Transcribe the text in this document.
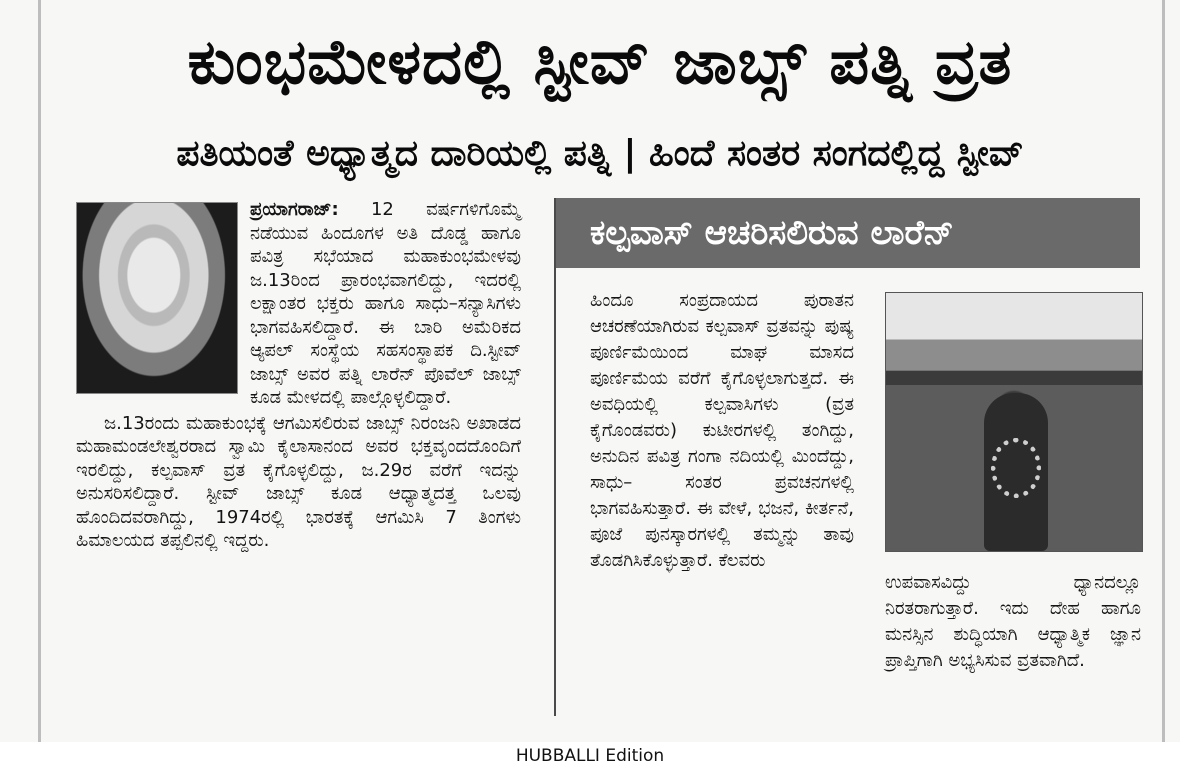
ಕುಂಭಮೇಳದಲ್ಲಿ ಸ್ಟೀವ್ ಜಾಬ್ಸ್ ಪತ್ನಿ ವ್ರತ
ಪತಿಯಂತೆ ಅಧ್ಯಾತ್ಮದ ದಾರಿಯಲ್ಲಿ ಪತ್ನಿ | ಹಿಂದೆ ಸಂತರ ಸಂಗದಲ್ಲಿದ್ದ ಸ್ಟೀವ್

ಪ್ರಯಾಗರಾಜ್: 12 ವರ್ಷಗಳಿಗೊಮ್ಮೆ ನಡೆಯುವ ಹಿಂದೂಗಳ ಅತಿ ದೊಡ್ಡ ಹಾಗೂ ಪವಿತ್ರ ಸಭೆಯಾದ ಮಹಾಕುಂಭಮೇಳವು ಜ.13ರಿಂದ ಪ್ರಾರಂಭವಾಗಲಿದ್ದು, ಇದರಲ್ಲಿ ಲಕ್ಷಾಂತರ ಭಕ್ತರು ಹಾಗೂ ಸಾಧು–ಸನ್ಯಾಸಿಗಳು ಭಾಗವಹಿಸಲಿದ್ದಾರೆ. ಈ ಬಾರಿ ಅಮೆರಿಕದ ಆ್ಯಪಲ್ ಸಂಸ್ಥೆಯ ಸಹಸಂಸ್ಥಾಪಕ ದಿ.ಸ್ಟೀವ್ ಜಾಬ್ಸ್ ಅವರ ಪತ್ನಿ ಲಾರೆನ್ ಪೊವೆಲ್ ಜಾಬ್ಸ್ ಕೂಡ ಮೇಳದಲ್ಲಿ ಪಾಲ್ಗೊಳ್ಳಲಿದ್ದಾರೆ.

ಜ.13ರಂದು ಮಹಾಕುಂಭಕ್ಕೆ ಆಗಮಿಸಲಿರುವ ಜಾಬ್ಸ್ ನಿರಂಜನಿ ಅಖಾಡದ ಮಹಾಮಂಡಲೇಶ್ವರರಾದ ಸ್ವಾಮಿ ಕೈಲಾಸಾನಂದ ಅವರ ಭಕ್ತವೃಂದದೊಂದಿಗೆ ಇರಲಿದ್ದು, ಕಲ್ಪವಾಸ್ ವ್ರತ ಕೈಗೊಳ್ಳಲಿದ್ದು, ಜ.29ರ ವರೆಗೆ ಇದನ್ನು ಅನುಸರಿಸಲಿದ್ದಾರೆ. ಸ್ಟೀವ್ ಜಾಬ್ಸ್ ಕೂಡ ಆಧ್ಯಾತ್ಮದತ್ತ ಒಲವು ಹೊಂದಿದವರಾಗಿದ್ದು, 1974ರಲ್ಲಿ ಭಾರತಕ್ಕೆ ಆಗಮಿಸಿ 7 ತಿಂಗಳು ಹಿಮಾಲಯದ ತಪ್ಪಲಿನಲ್ಲಿ ಇದ್ದರು.

ಕಲ್ಪವಾಸ್ ಆಚರಿಸಲಿರುವ ಲಾರೆನ್

ಹಿಂದೂ ಸಂಪ್ರದಾಯದ ಪುರಾತನ ಆಚರಣೆಯಾಗಿರುವ ಕಲ್ಪವಾಸ್ ವ್ರತವನ್ನು ಪುಷ್ಯ ಪೂರ್ಣಿಮೆಯಿಂದ ಮಾಘ ಮಾಸದ ಪೂರ್ಣಿಮೆಯ ವರೆಗೆ ಕೈಗೊಳ್ಳಲಾಗುತ್ತದೆ. ಈ ಅವಧಿಯಲ್ಲಿ ಕಲ್ಪವಾಸಿಗಳು (ವ್ರತ ಕೈಗೊಂಡವರು) ಕುಟೀರಗಳಲ್ಲಿ ತಂಗಿದ್ದು, ಅನುದಿನ ಪವಿತ್ರ ಗಂಗಾ ನದಿಯಲ್ಲಿ ಮಿಂದೆದ್ದು, ಸಾಧು– ಸಂತರ ಪ್ರವಚನಗಳಲ್ಲಿ ಭಾಗವಹಿಸುತ್ತಾರೆ. ಈ ವೇಳೆ, ಭಜನೆ, ಕೀರ್ತನೆ, ಪೂಜೆ ಪುನಸ್ಕಾರಗಳಲ್ಲಿ ತಮ್ಮನ್ನು ತಾವು ತೊಡಗಿಸಿಕೊಳ್ಳುತ್ತಾರೆ. ಕೆಲವರು

ಉಪವಾಸವಿದ್ದು ಧ್ಯಾನದಲ್ಲೂ ನಿರತರಾಗುತ್ತಾರೆ. ಇದು ದೇಹ ಹಾಗೂ ಮನಸ್ಸಿನ ಶುದ್ಧಿಯಾಗಿ ಆಧ್ಯಾತ್ಮಿಕ ಜ್ಞಾನ ಪ್ರಾಪ್ತಿಗಾಗಿ ಅಭ್ಯಸಿಸುವ ವ್ರತವಾಗಿದೆ.

HUBBALLI Edition
